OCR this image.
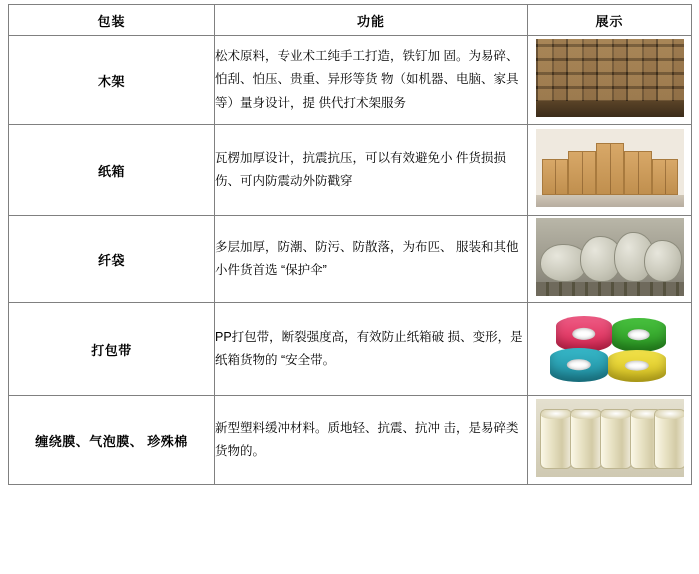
包装	功能	展示
木架	松术原料，专业术工纯手工打造，铁钉加 固。为易碎、怕刮、怕压、贵重、异形等货 物（如机器、电脑、家具等）量身设计，提 供代打术架服务	
纸箱	瓦楞加厚设计，抗震抗压，可以有效避免小 件货损损伤、可内防震动外防戳穿	

纤袋	多层加厚，防潮、防污、防散落，为布匹、 服装和其他小件货首选 “保护伞”	

打包带	PP打包带，断裂强度高，有效防止纸箱破 损、变形，是纸箱货物的 “安全带。	

缠绕膜、气泡膜、 珍殊棉	新型塑料缓冲材料。质地轻、抗震、抗冲 击，是易碎类货物的。	
